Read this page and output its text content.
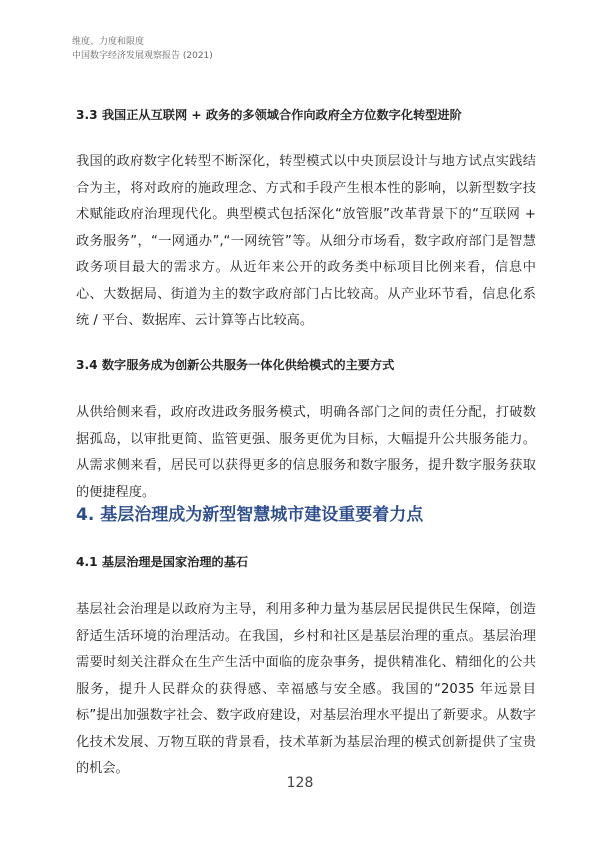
维度、力度和限度
中国数字经济发展观察报告 (2021)
3.3 我国正从互联网 + 政务的多领域合作向政府全方位数字化转型进阶
我国的政府数字化转型不断深化，转型模式以中央顶层设计与地方试点实践结合为主，将对政府的施政理念、方式和手段产生根本性的影响，以新型数字技术赋能政府治理现代化。典型模式包括深化“放管服”改革背景下的“互联网 + 政务服务”，“一网通办”,“一网统管”等。从细分市场看，数字政府部门是智慧政务项目最大的需求方。从近年来公开的政务类中标项目比例来看，信息中心、大数据局、街道为主的数字政府部门占比较高。从产业环节看，信息化系统 / 平台、数据库、云计算等占比较高。
3.4 数字服务成为创新公共服务一体化供给模式的主要方式
从供给侧来看，政府改进政务服务模式，明确各部门之间的责任分配，打破数据孤岛，以审批更简、监管更强、服务更优为目标，大幅提升公共服务能力。从需求侧来看，居民可以获得更多的信息服务和数字服务，提升数字服务获取的便捷程度。
4. 基层治理成为新型智慧城市建设重要着力点
4.1 基层治理是国家治理的基石
基层社会治理是以政府为主导，利用多种力量为基层居民提供民生保障，创造舒适生活环境的治理活动。在我国，乡村和社区是基层治理的重点。基层治理需要时刻关注群众在生产生活中面临的庞杂事务，提供精准化、精细化的公共服务，提升人民群众的获得感、幸福感与安全感。我国的“2035 年远景目标”提出加强数字社会、数字政府建设，对基层治理水平提出了新要求。从数字化技术发展、万物互联的背景看，技术革新为基层治理的模式创新提供了宝贵的机会。
128
